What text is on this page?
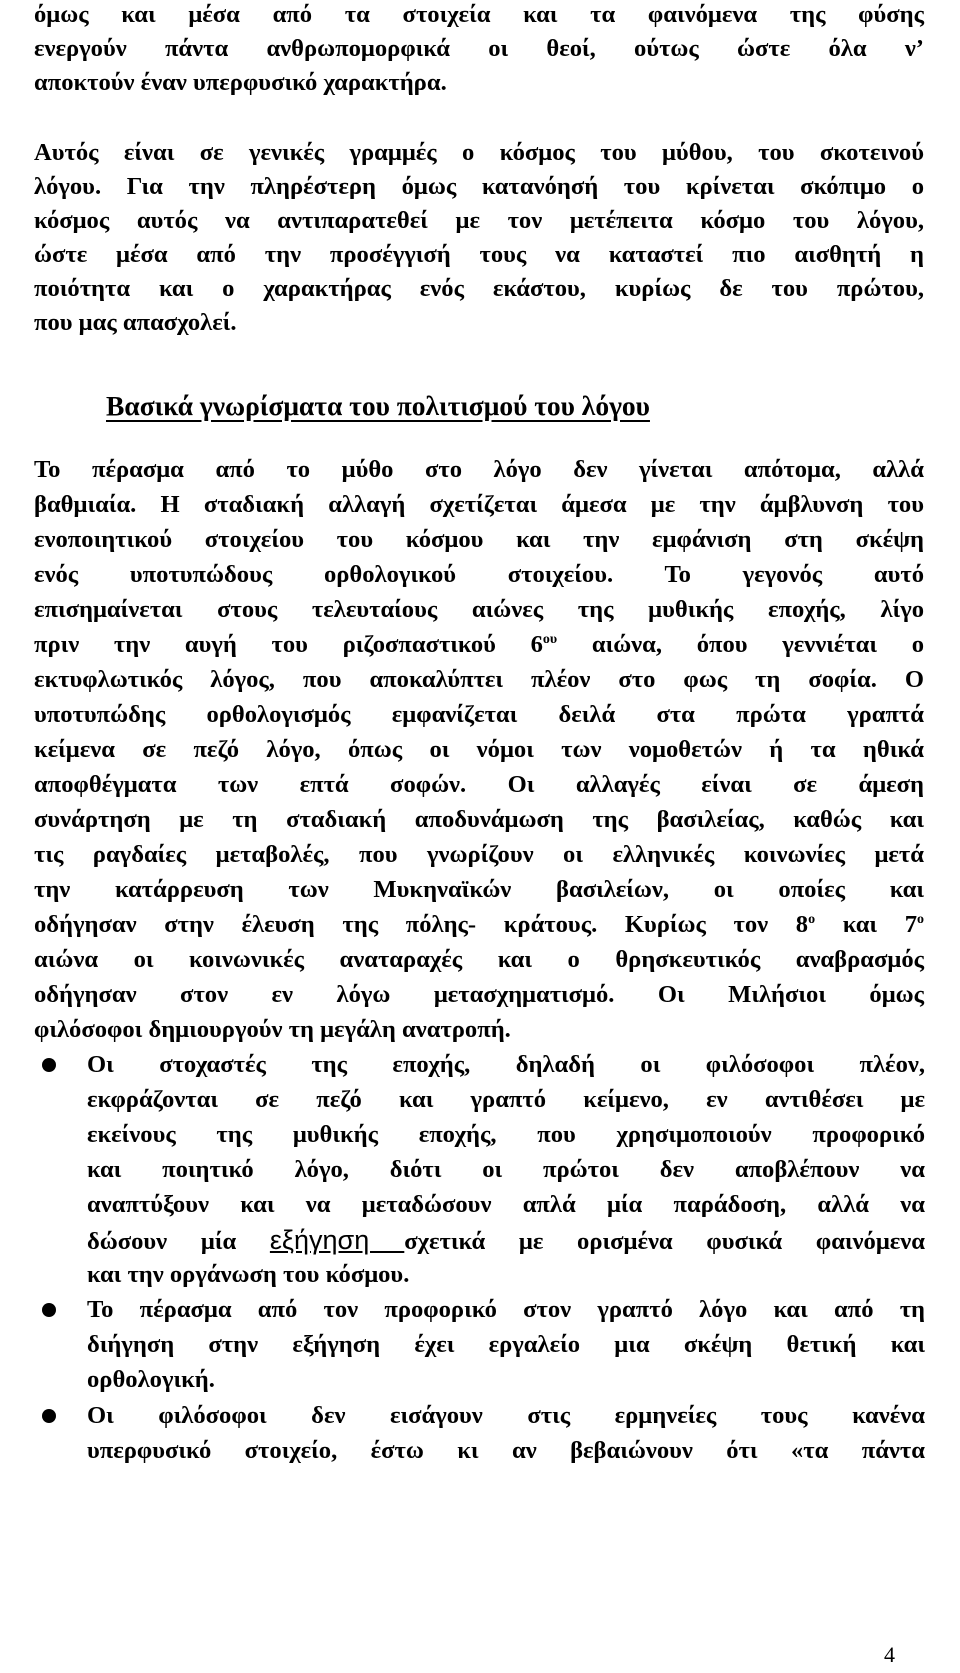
όμως και μέσα από τα στοιχεία και τα φαινόμενα της φύσης
ενεργούν πάντα ανθρωπομορφικά οι θεοί, ούτως ώστε όλα ν’
αποκτούν έναν υπερφυσικό χαρακτήρα.
Αυτός είναι σε γενικές γραμμές ο κόσμος του μύθου, του σκοτεινού
λόγου. Για την πληρέστερη όμως κατανόησή του κρίνεται σκόπιμο ο
κόσμος αυτός να αντιπαρατεθεί με τον μετέπειτα κόσμο του λόγου,
ώστε μέσα από την προσέγγισή τους να καταστεί πιο αισθητή η
ποιότητα και ο χαρακτήρας ενός εκάστου, κυρίως δε του πρώτου,
που μας απασχολεί.
Βασικά γνωρίσματα του πολιτισμού του λόγου
Το πέρασμα από το μύθο στο λόγο δεν γίνεται απότομα, αλλά
βαθμιαία. Η σταδιακή αλλαγή σχετίζεται άμεσα με την άμβλυνση του
ενοποιητικού στοιχείου του κόσμου και την εμφάνιση στη σκέψη
ενός υποτυπώδους ορθολογικού στοιχείου. Το γεγονός αυτό
επισημαίνεται στους τελευταίους αιώνες της μυθικής εποχής, λίγο
πριν την αυγή του ριζοσπαστικού $6^{o\upsilon}$ αιώνα, όπου γεννιέται ο
εκτυφλωτικός λόγος, που αποκαλύπτει πλέον στο φως τη σοφία. Ο
υποτυπώδης ορθολογισμός εμφανίζεται δειλά στα πρώτα γραπτά
κείμενα σε πεζό λόγο, όπως οι νόμοι των νομοθετών ή τα ηθικά
αποφθέγματα των επτά σοφών. Οι αλλαγές είναι σε άμεση
συνάρτηση με τη σταδιακή αποδυνάμωση της βασιλείας, καθώς και
τις ραγδαίες μεταβολές, που γνωρίζουν οι ελληνικές κοινωνίες μετά
την κατάρρευση των Μυκηναϊκών βασιλείων, οι οποίες και
οδήγησαν στην έλευση της πόλης- κράτους. Κυρίως τον $8^o$ και $7^o$
αιώνα οι κοινωνικές αναταραχές και ο θρησκευτικός αναβρασμός
οδήγησαν στον εν λόγω μετασχηματισμό. Οι Μιλήσιοι όμως
φιλόσοφοι δημιουργούν τη μεγάλη ανατροπή.
Οι στοχαστές της εποχής, δηλαδή οι φιλόσοφοι πλέον,
εκφράζονται σε πεζό και γραπτό κείμενο, εν αντιθέσει με
εκείνους της μυθικής εποχής, που χρησιμοποιούν προφορικό
και ποιητικό λόγο, διότι οι πρώτοι δεν αποβλέπουν να
αναπτύξουν και να μεταδώσουν απλά μία παράδοση, αλλά να
δώσουν μία εξήγηση σχετικά με ορισμένα φυσικά φαινόμενα
και την οργάνωση του κόσμου.
Το πέρασμα από τον προφορικό στον γραπτό λόγο και από τη
διήγηση στην εξήγηση έχει εργαλείο μια σκέψη θετική και
ορθολογική.
Οι φιλόσοφοι δεν εισάγουν στις ερμηνείες τους κανένα
υπερφυσικό στοιχείο, έστω κι αν βεβαιώνουν ότι «τα πάντα
4
